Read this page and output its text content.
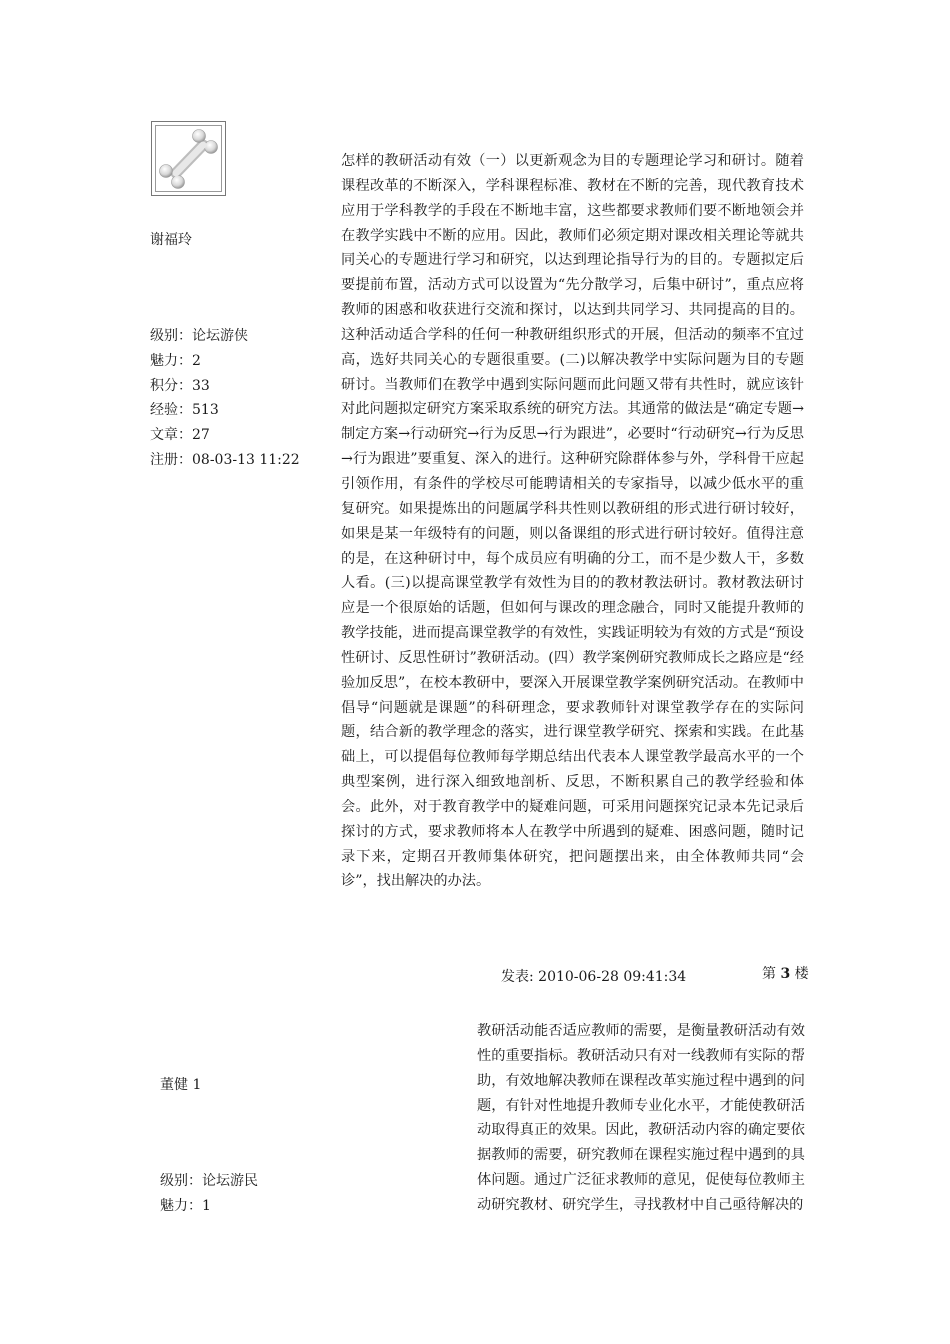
谢福玲
级别：论坛游侠
魅力：2
积分：33
经验：513
文章：27
注册：08-03-13 11:22

怎样的教研活动有效（一）以更新观念为目的专题理论学习和研讨。随着课程改革的不断深入，学科课程标准、教材在不断的完善，现代教育技术应用于学科教学的手段在不断地丰富，这些都要求教师们要不断地领会并在教学实践中不断的应用。因此，教师们必须定期对课改相关理论等就共同关心的专题进行学习和研究，以达到理论指导行为的目的。专题拟定后要提前布置，活动方式可以设置为“先分散学习，后集中研讨”，重点应将教师的困惑和收获进行交流和探讨，以达到共同学习、共同提高的目的。这种活动适合学科的任何一种教研组织形式的开展，但活动的频率不宜过高，选好共同关心的专题很重要。(二)以解决教学中实际问题为目的专题研讨。当教师们在教学中遇到实际问题而此问题又带有共性时，就应该针对此问题拟定研究方案采取系统的研究方法。其通常的做法是“确定专题→制定方案→行动研究→行为反思→行为跟进”，必要时“行动研究→行为反思→行为跟进”要重复、深入的进行。这种研究除群体参与外，学科骨干应起引领作用，有条件的学校尽可能聘请相关的专家指导，以减少低水平的重复研究。如果提炼出的问题属学科共性则以教研组的形式进行研讨较好，如果是某一年级特有的问题，则以备课组的形式进行研讨较好。值得注意的是，在这种研讨中，每个成员应有明确的分工，而不是少数人干，多数人看。(三)以提高课堂教学有效性为目的的教材教法研讨。教材教法研讨应是一个很原始的话题，但如何与课改的理念融合，同时又能提升教师的教学技能，进而提高课堂教学的有效性，实践证明较为有效的方式是“预设性研讨、反思性研讨”教研活动。(四）教学案例研究教师成长之路应是“经验加反思”，在校本教研中，要深入开展课堂教学案例研究活动。在教师中倡导“问题就是课题”的科研理念，要求教师针对课堂教学存在的实际问题，结合新的教学理念的落实，进行课堂教学研究、探索和实践。在此基础上，可以提倡每位教师每学期总结出代表本人课堂教学最高水平的一个典型案例，进行深入细致地剖析、反思，不断积累自己的教学经验和体会。此外，对于教育教学中的疑难问题，可采用问题探究记录本先记录后探讨的方式，要求教师将本人在教学中所遇到的疑难、困惑问题，随时记录下来，定期召开教师集体研究，把问题摆出来，由全体教师共同“会诊”，找出解决的办法。

发表: 2010-06-28 09:41:34	第 3 楼
董健 1
级别：论坛游民
魅力：1

教研活动能否适应教师的需要，是衡量教研活动有效性的重要指标。教研活动只有对一线教师有实际的帮助，有效地解决教师在课程改革实施过程中遇到的问题，有针对性地提升教师专业化水平，才能使教研活动取得真正的效果。因此，教研活动内容的确定要依据教师的需要，研究教师在课程实施过程中遇到的具体问题。通过广泛征求教师的意见，促使每位教师主动研究教材、研究学生，寻找教材中自己亟待解决的
